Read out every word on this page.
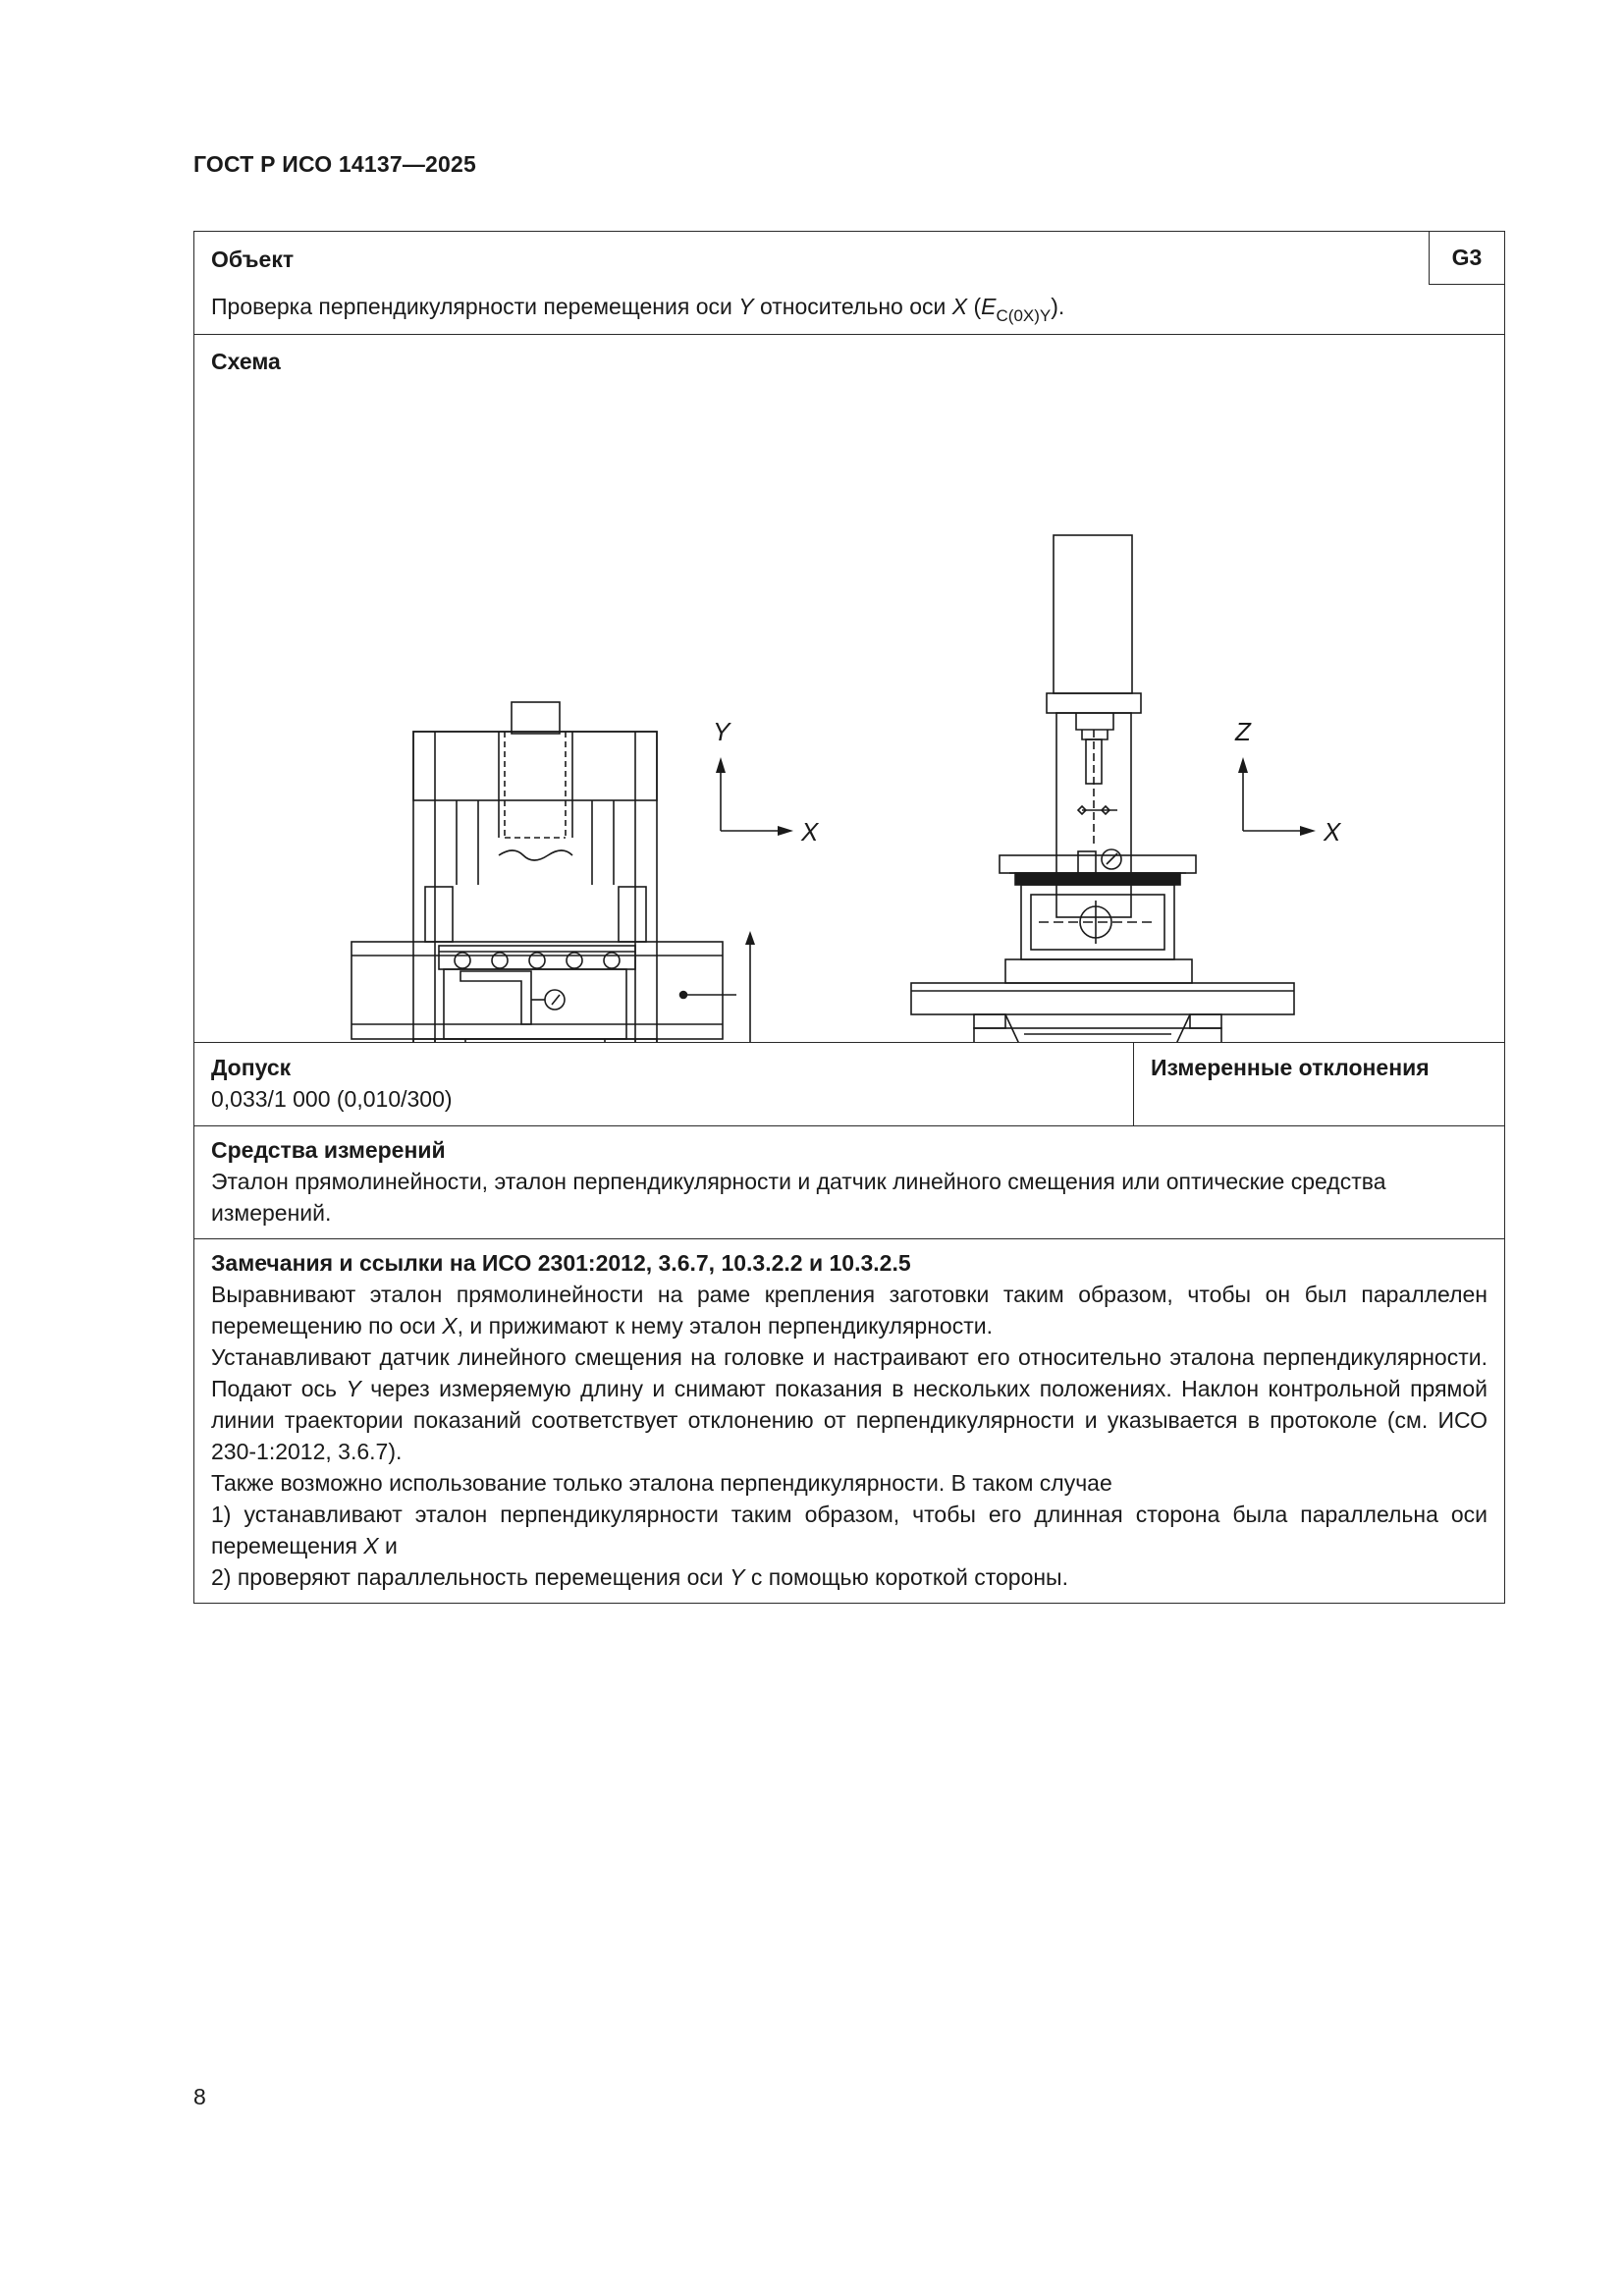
ГОСТ Р ИСО 14137—2025
Объект	G3
Проверка перпендикулярности перемещения оси Y относительно оси X $(E_{C(0X)Y})$.
Схема
Y
X
Z
X
Допуск
0,033/1 000 (0,010/300)
Измеренные отклонения
Средства измерений
Эталон прямолинейности, эталон перпендикулярности и датчик линейного смещения или оптические средства измерений.
Замечания и ссылки на ИСО 2301:2012, 3.6.7, 10.3.2.2 и 10.3.2.5
Выравнивают эталон прямолинейности на раме крепления заготовки таким образом, чтобы он был параллелен перемещению по оси X, и прижимают к нему эталон перпендикулярности.
Устанавливают датчик линейного смещения на головке и настраивают его относительно эталона перпендикулярности. Подают ось Y через измеряемую длину и снимают показания в нескольких положениях. Наклон контрольной прямой линии траектории показаний соответствует отклонению от перпендикулярности и указывается в протоколе (см. ИСО 230-1:2012, 3.6.7).
Также возможно использование только эталона перпендикулярности. В таком случае
1) устанавливают эталон перпендикулярности таким образом, чтобы его длинная сторона была параллельна оси перемещения X и
2) проверяют параллельность перемещения оси Y с помощью короткой стороны.
8
